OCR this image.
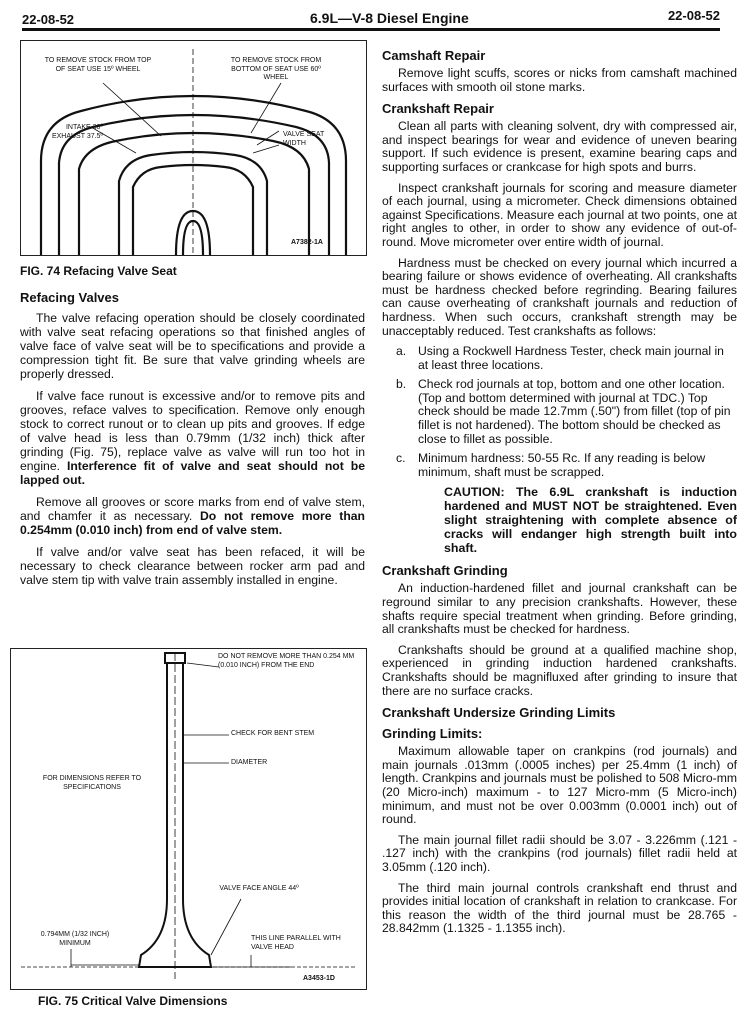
22-08-52	6.9L—V-8 Diesel Engine	22-08-52
TO REMOVE STOCK FROM TOP OF SEAT USE 15º WHEEL
TO REMOVE STOCK FROM BOTTOM OF SEAT USE 60º WHEEL
INTAKE 30º EXHAUST 37.5º	VALVE SEAT WIDTH
A7382-1A
FIG. 74 Refacing Valve Seat
Refacing Valves

The valve refacing operation should be closely coordinated with valve seat refacing operations so that finished angles of valve face of valve seat will be to specifications and provide a compression tight fit. Be sure that valve grinding wheels are properly dressed.

If valve face runout is excessive and/or to remove pits and grooves, reface valves to specification. Remove only enough stock to correct runout or to clean up pits and grooves. If edge of valve head is less than 0.79mm (1/32 inch) thick after grinding (Fig. 75), replace valve as valve will run too hot in engine. Interference fit of valve and seat should not be lapped out.

Remove all grooves or score marks from end of valve stem, and chamfer it as necessary. Do not remove more than 0.254mm (0.010 inch) from end of valve stem.

If valve and/or valve seat has been refaced, it will be necessary to check clearance between rocker arm pad and valve stem tip with valve train assembly installed in engine.

DO NOT REMOVE MORE THAN 0.254 MM (0.010 INCH) FROM THE END
CHECK FOR BENT STEM
DIAMETER
FOR DIMENSIONS REFER TO SPECIFICATIONS
VALVE FACE ANGLE 44º
0.794MM (1/32 INCH) MINIMUM
THIS LINE PARALLEL WITH VALVE HEAD
A3453-1D
FIG. 75 Critical Valve Dimensions
Camshaft Repair

Remove light scuffs, scores or nicks from camshaft machined surfaces with smooth oil stone marks.

Crankshaft Repair

Clean all parts with cleaning solvent, dry with compressed air, and inspect bearings for wear and evidence of uneven bearing support. If such evidence is present, examine bearing caps and supporting surfaces or crankcase for high spots and burrs.

Inspect crankshaft journals for scoring and measure diameter of each journal, using a micrometer. Check dimensions obtained against Specifications. Measure each journal at two points, one at right angles to other, in order to show any evidence of out-of-round. Move micrometer over entire width of journal.

Hardness must be checked on every journal which incurred a bearing failure or shows evidence of overheating. All crankshafts must be hardness checked before regrinding. Bearing failures can cause overheating of crankshaft journals and reduction of hardness. When such occurs, crankshaft strength may be unacceptably reduced. Test crankshafts as follows:

a. Using a Rockwell Hardness Tester, check main journal in at least three locations.
b. Check rod journals at top, bottom and one other location. (Top and bottom determined with journal at TDC.) Top check should be made 12.7mm (.50") from fillet (top of pin fillet is not hardened). The bottom should be checked as close to fillet as possible.
c. Minimum hardness: 50-55 Rc. If any reading is below minimum, shaft must be scrapped.
CAUTION: The 6.9L crankshaft is induction hardened and MUST NOT be straightened. Even slight straightening with complete absence of cracks will endanger high strength built into shaft.
Crankshaft Grinding

An induction-hardened fillet and journal crankshaft can be reground similar to any precision crankshafts. However, these shafts require special treatment when grinding. Before grinding, all crankshafts must be checked for hardness.

Crankshafts should be ground at a qualified machine shop, experienced in grinding induction hardened crankshafts. Crankshafts should be magnifluxed after grinding to insure that there are no surface cracks.

Crankshaft Undersize Grinding Limits
Grinding Limits:

Maximum allowable taper on crankpins (rod journals) and main journals .013mm (.0005 inches) per 25.4mm (1 inch) of length. Crankpins and journals must be polished to 508 Micro-mm (20 Micro-inch) maximum - to 127 Micro-mm (5 Micro-inch) minimum, and must not be over 0.003mm (0.0001 inch) out of round.

The main journal fillet radii should be 3.07 - 3.226mm (.121 - .127 inch) with the crankpins (rod journals) fillet radii held at 3.05mm (.120 inch).

The third main journal controls crankshaft end thrust and provides initial location of crankshaft in relation to crankcase. For this reason the width of the third journal must be 28.765 - 28.842mm (1.1325 - 1.1355 inch).
